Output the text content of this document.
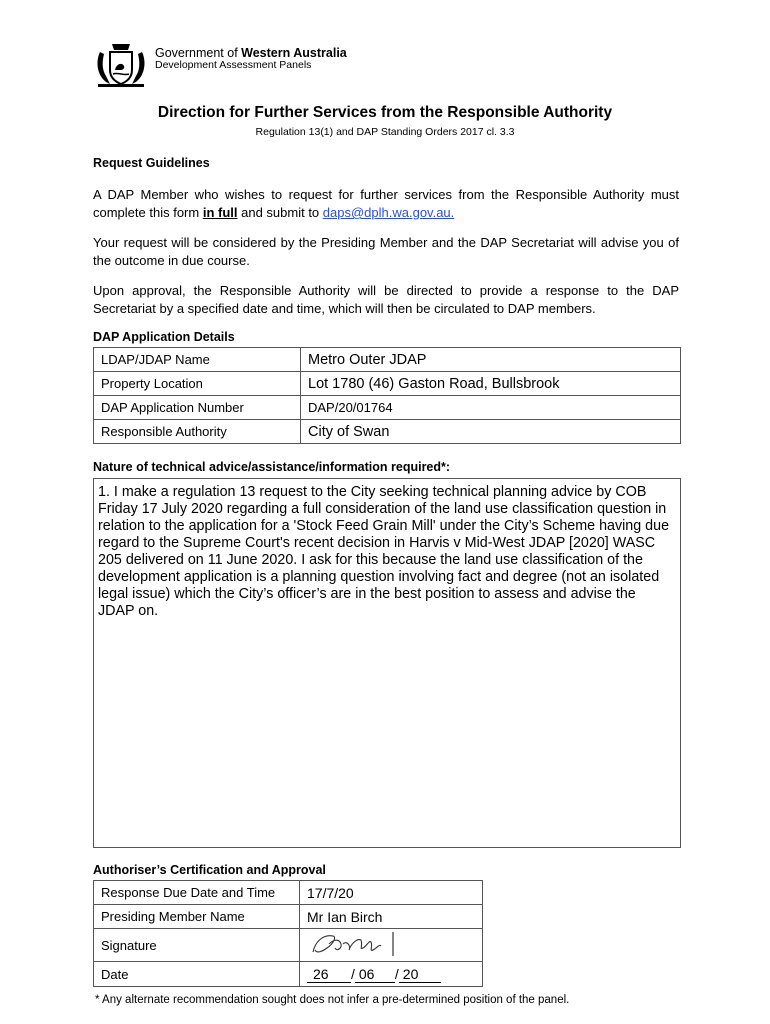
Government of Western Australia
Development Assessment Panels
Direction for Further Services from the Responsible Authority
Regulation 13(1) and DAP Standing Orders 2017 cl. 3.3
Request Guidelines
A DAP Member who wishes to request for further services from the Responsible Authority must complete this form in full and submit to daps@dplh.wa.gov.au.
Your request will be considered by the Presiding Member and the DAP Secretariat will advise you of the outcome in due course.
Upon approval, the Responsible Authority will be directed to provide a response to the DAP Secretariat by a specified date and time, which will then be circulated to DAP members.
DAP Application Details
LDAP/JDAP Name	Metro Outer JDAP
Property Location	Lot 1780 (46) Gaston Road, Bullsbrook
DAP Application Number	DAP/20/01764
Responsible Authority	City of Swan
Nature of technical advice/assistance/information required*:
1. I make a regulation 13 request to the City seeking technical planning advice by COB Friday 17 July 2020 regarding a full consideration of the land use classification question in relation to the application for a 'Stock Feed Grain Mill' under the City’s Scheme having due regard to the Supreme Court's recent decision in Harvis v Mid-West JDAP [2020] WASC 205 delivered on 11 June 2020. I ask for this because the land use classification of the development application is a planning question involving fact and degree (not an isolated legal issue) which the City’s officer’s are in the best position to assess and advise the JDAP on.
Authoriser’s Certification and Approval
Response Due Date and Time	17/7/20
Presiding Member Name	Mr Ian Birch
Signature	
Date	26 / 06 / 20
* Any alternate recommendation sought does not infer a pre-determined position of the panel.
